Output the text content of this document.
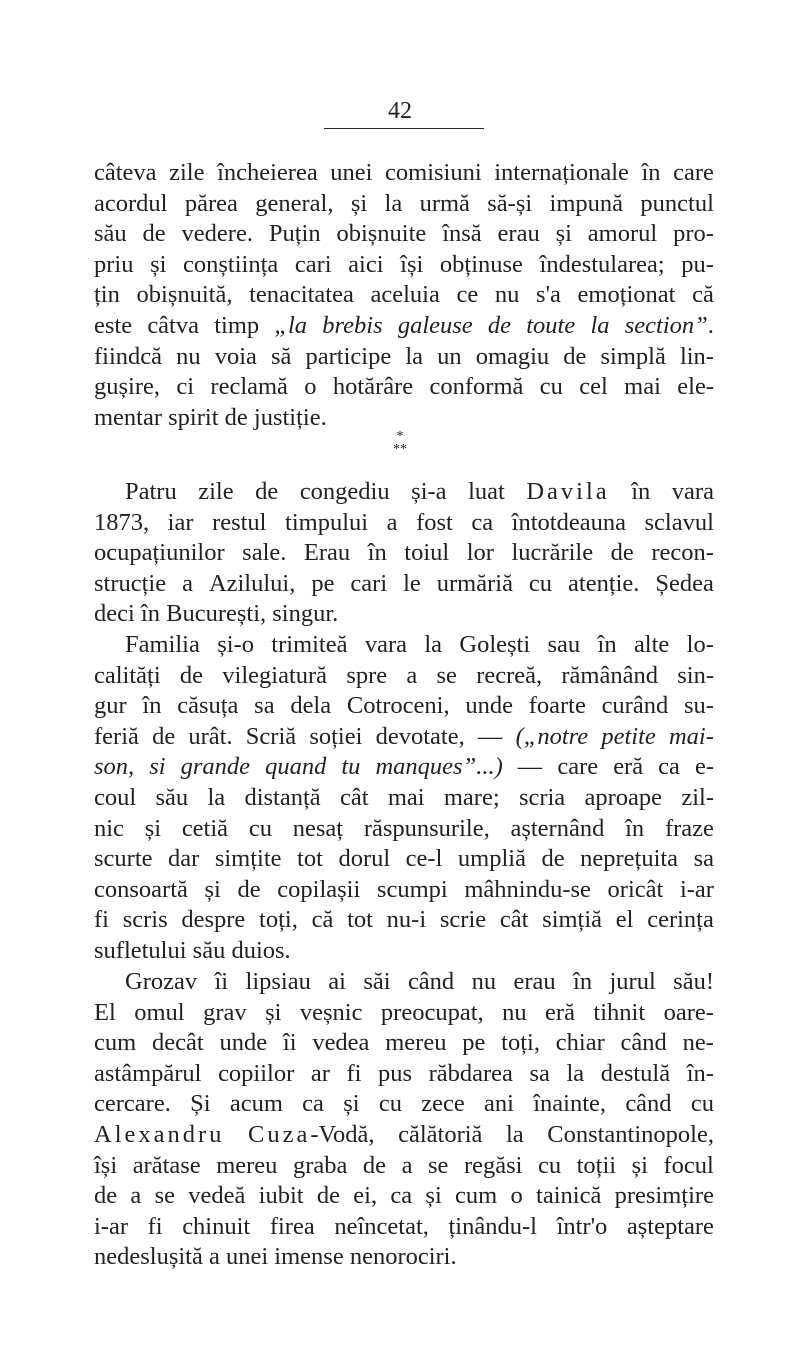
42
câteva zile încheierea unei comisiuni internaționale în care
acordul părea general, și la urmă să-și impună punctul
său de vedere. Puțin obișnuite însă erau și amorul pro-
priu și conștiința cari aici își obținuse îndestularea; pu-
țin obișnuită, tenacitatea aceluia ce nu s'a emoționat că
este câtva timp „la brebis galeuse de toute la section”.
fiindcă nu voia să participe la un omagiu de simplă lin-
gușire, ci reclamă o hotărâre conformă cu cel mai ele-
mentar spirit de justiție.
*
**
Patru zile de congediu și-a luat Davila în vara
1873, iar restul timpului a fost ca întotdeauna sclavul
ocupațiunilor sale. Erau în toiul lor lucrările de recon-
strucție a Azilului, pe cari le urmăriă cu atenție. Ședea
deci în București, singur.
Familia și-o trimiteă vara la Golești sau în alte lo-
calități de vilegiatură spre a se recreă, rămânând sin-
gur în căsuța sa dela Cotroceni, unde foarte curând su-
feriă de urât. Scriă soției devotate, — („notre petite mai-
son, si grande quand tu manques”...) — care eră ca e-
coul său la distanță cât mai mare; scria aproape zil-
nic și cetiă cu nesaț răspunsurile, așternând în fraze
scurte dar simțite tot dorul ce-l umpliă de neprețuita sa
consoartă și de copilașii scumpi mâhnindu-se oricât i-ar
fi scris despre toți, că tot nu-i scrie cât simțiă el cerința
sufletului său duios.
Grozav îi lipsiau ai săi când nu erau în jurul său!
El omul grav și veșnic preocupat, nu eră tihnit oare-
cum decât unde îi vedea mereu pe toți, chiar când ne-
astâmpărul copiilor ar fi pus răbdarea sa la destulă în-
cercare. Și acum ca și cu zece ani înainte, când cu
Alexandru Cuza-Vodă, călătoriă la Constantinopole,
își arătase mereu graba de a se regăsi cu toții și focul
de a se vedeă iubit de ei, ca și cum o tainică presimțire
i-ar fi chinuit firea neîncetat, ținându-l într'o așteptare
nedeslușită a unei imense nenorociri.
